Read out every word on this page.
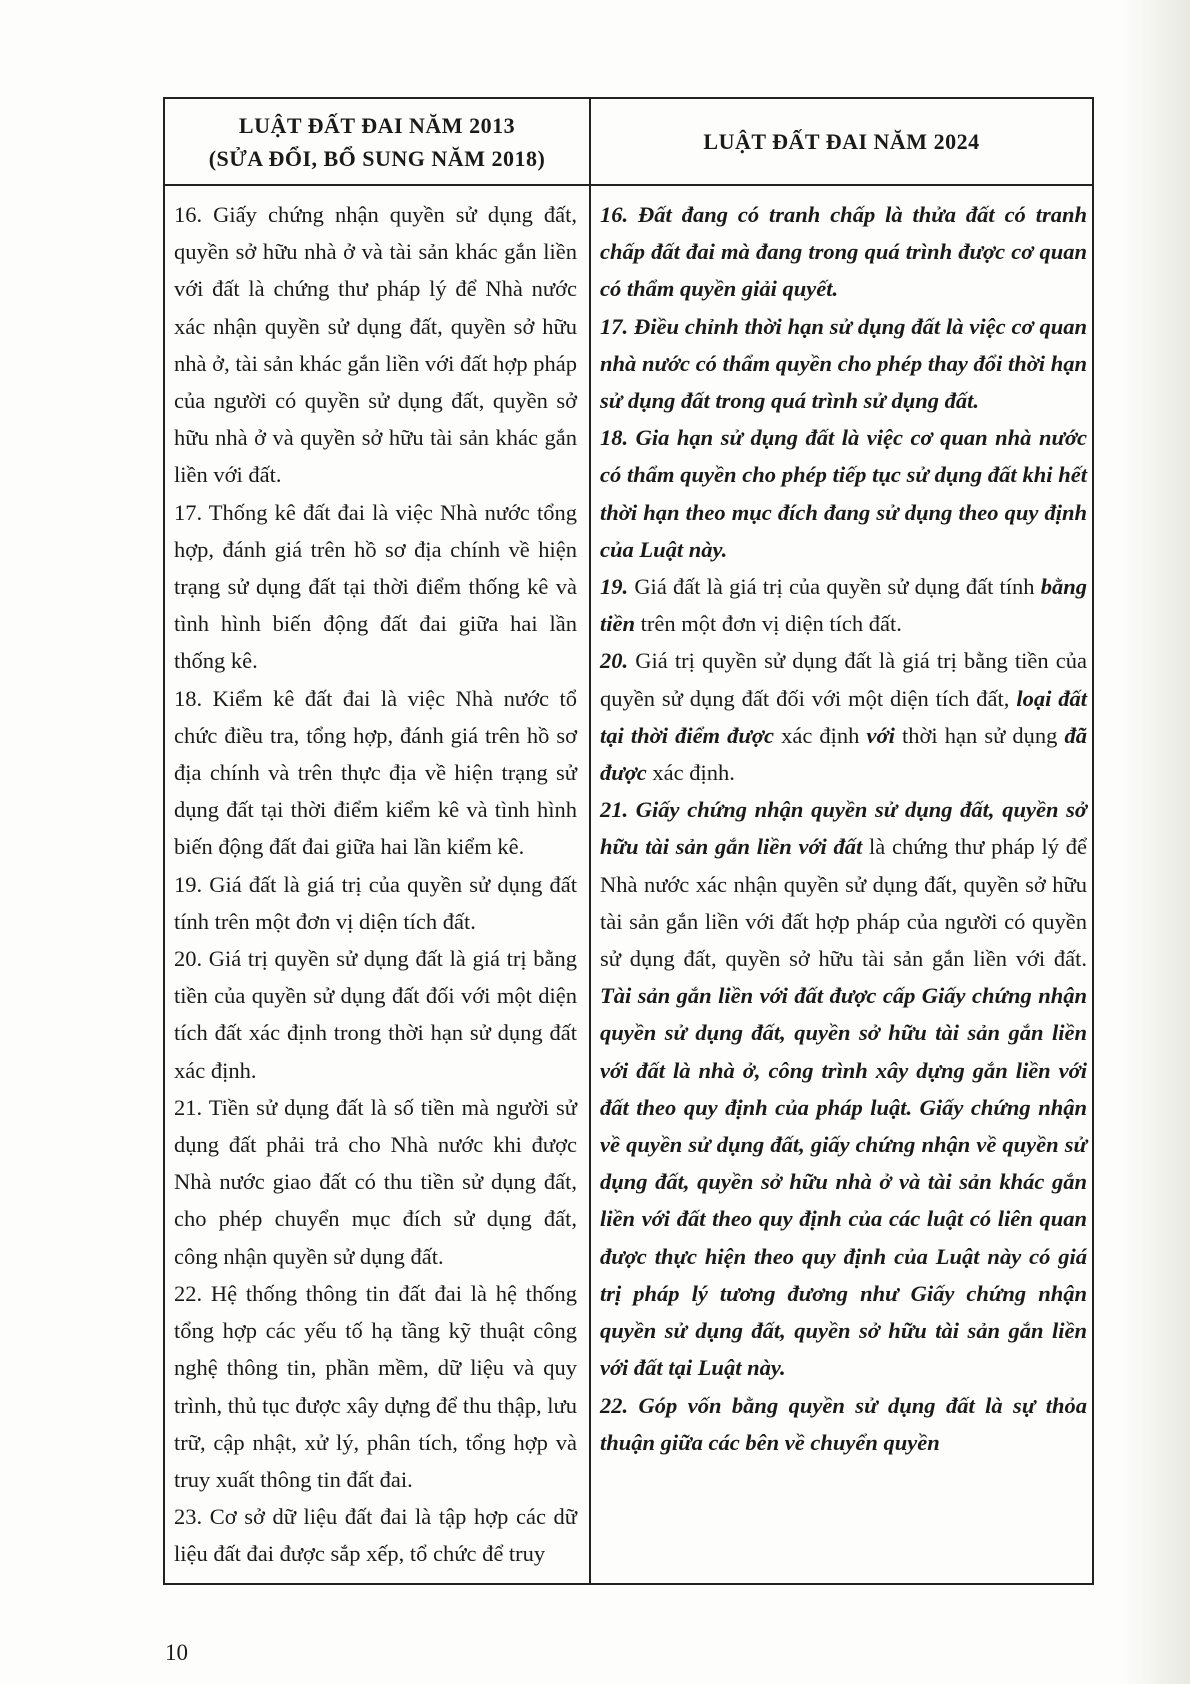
LUẬT ĐẤT ĐAI NĂM 2013
(SỬA ĐỔI, BỔ SUNG NĂM 2018)
LUẬT ĐẤT ĐAI NĂM 2024

16. Giấy chứng nhận quyền sử dụng đất, quyền sở hữu nhà ở và tài sản khác gắn liền với đất là chứng thư pháp lý để Nhà nước xác nhận quyền sử dụng đất, quyền sở hữu nhà ở, tài sản khác gắn liền với đất hợp pháp của người có quyền sử dụng đất, quyền sở hữu nhà ở và quyền sở hữu tài sản khác gắn liền với đất.

17. Thống kê đất đai là việc Nhà nước tổng hợp, đánh giá trên hồ sơ địa chính về hiện trạng sử dụng đất tại thời điểm thống kê và tình hình biến động đất đai giữa hai lần thống kê.

18. Kiểm kê đất đai là việc Nhà nước tổ chức điều tra, tổng hợp, đánh giá trên hồ sơ địa chính và trên thực địa về hiện trạng sử dụng đất tại thời điểm kiểm kê và tình hình biến động đất đai giữa hai lần kiểm kê.

19. Giá đất là giá trị của quyền sử dụng đất tính trên một đơn vị diện tích đất.

20. Giá trị quyền sử dụng đất là giá trị bằng tiền của quyền sử dụng đất đối với một diện tích đất xác định trong thời hạn sử dụng đất xác định.

21. Tiền sử dụng đất là số tiền mà người sử dụng đất phải trả cho Nhà nước khi được Nhà nước giao đất có thu tiền sử dụng đất, cho phép chuyển mục đích sử dụng đất, công nhận quyền sử dụng đất.

22. Hệ thống thông tin đất đai là hệ thống tổng hợp các yếu tố hạ tầng kỹ thuật công nghệ thông tin, phần mềm, dữ liệu và quy trình, thủ tục được xây dựng để thu thập, lưu trữ, cập nhật, xử lý, phân tích, tổng hợp và truy xuất thông tin đất đai.

23. Cơ sở dữ liệu đất đai là tập hợp các dữ liệu đất đai được sắp xếp, tổ chức để truy

16. Đất đang có tranh chấp là thửa đất có tranh chấp đất đai mà đang trong quá trình được cơ quan có thẩm quyền giải quyết.

17. Điều chỉnh thời hạn sử dụng đất là việc cơ quan nhà nước có thẩm quyền cho phép thay đổi thời hạn sử dụng đất trong quá trình sử dụng đất.

18. Gia hạn sử dụng đất là việc cơ quan nhà nước có thẩm quyền cho phép tiếp tục sử dụng đất khi hết thời hạn theo mục đích đang sử dụng theo quy định của Luật này.

19. Giá đất là giá trị của quyền sử dụng đất tính bằng tiền trên một đơn vị diện tích đất.

20. Giá trị quyền sử dụng đất là giá trị bằng tiền của quyền sử dụng đất đối với một diện tích đất, loại đất tại thời điểm được xác định với thời hạn sử dụng đã được xác định.

21. Giấy chứng nhận quyền sử dụng đất, quyền sở hữu tài sản gắn liền với đất là chứng thư pháp lý để Nhà nước xác nhận quyền sử dụng đất, quyền sở hữu tài sản gắn liền với đất hợp pháp của người có quyền sử dụng đất, quyền sở hữu tài sản gắn liền với đất. Tài sản gắn liền với đất được cấp Giấy chứng nhận quyền sử dụng đất, quyền sở hữu tài sản gắn liền với đất là nhà ở, công trình xây dựng gắn liền với đất theo quy định của pháp luật. Giấy chứng nhận về quyền sử dụng đất, giấy chứng nhận về quyền sử dụng đất, quyền sở hữu nhà ở và tài sản khác gắn liền với đất theo quy định của các luật có liên quan được thực hiện theo quy định của Luật này có giá trị pháp lý tương đương như Giấy chứng nhận quyền sử dụng đất, quyền sở hữu tài sản gắn liền với đất tại Luật này.

22. Góp vốn bằng quyền sử dụng đất là sự thỏa thuận giữa các bên về chuyển quyền

10
